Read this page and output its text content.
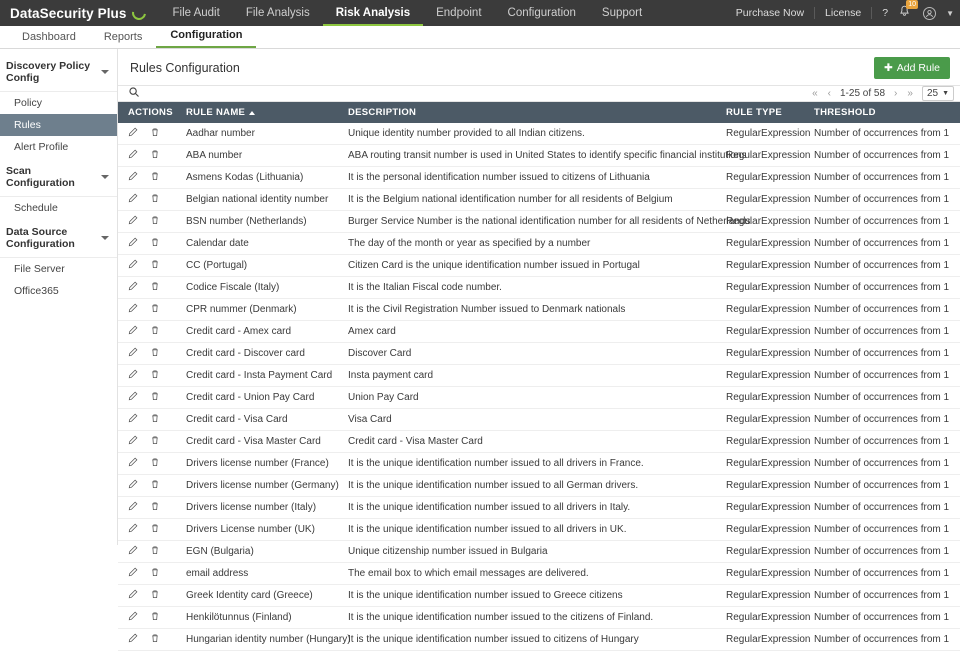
DataSecurity Plus	File Audit	File Analysis	Risk Analysis	Endpoint	Configuration	Support	Purchase Now License ?
10
▼
Dashboard	Reports	Configuration
Discovery Policy Config
Policy
Rules
Alert Profile
Scan Configuration
Schedule
Data Source Configuration
File Server
Office365
Rules Configuration	✚ Add Rule
« ‹ 1-25 of 58 › » 25 ▼
ACTIONS	RULE NAME	DESCRIPTION	RULE TYPE	THRESHOLD

	Aadhar number	Unique identity number provided to all Indian citizens.	RegularExpression	Number of occurrences from 1

	ABA number	ABA routing transit number is used in United States to identify specific financial institutions	RegularExpression	Number of occurrences from 1

	Asmens Kodas (Lithuania)	It is the personal identification number issued to citizens of Lithuania	RegularExpression	Number of occurrences from 1

	Belgian national identity number	It is the Belgium national identification number for all residents of Belgium	RegularExpression	Number of occurrences from 1

	BSN number (Netherlands)	Burger Service Number is the national identification number for all residents of Netherlands	RegularExpression	Number of occurrences from 1

	Calendar date	The day of the month or year as specified by a number	RegularExpression	Number of occurrences from 1

	CC (Portugal)	Citizen Card is the unique identification number issued in Portugal	RegularExpression	Number of occurrences from 1

	Codice Fiscale (Italy)	It is the Italian Fiscal code number.	RegularExpression	Number of occurrences from 1

	CPR nummer (Denmark)	It is the Civil Registration Number issued to Denmark nationals	RegularExpression	Number of occurrences from 1

	Credit card - Amex card	Amex card	RegularExpression	Number of occurrences from 1

	Credit card - Discover card	Discover Card	RegularExpression	Number of occurrences from 1

	Credit card - Insta Payment Card	Insta payment card	RegularExpression	Number of occurrences from 1

	Credit card - Union Pay Card	Union Pay Card	RegularExpression	Number of occurrences from 1

	Credit card - Visa Card	Visa Card	RegularExpression	Number of occurrences from 1

	Credit card - Visa Master Card	Credit card - Visa Master Card	RegularExpression	Number of occurrences from 1

	Drivers license number (France)	It is the unique identification number issued to all drivers in France.	RegularExpression	Number of occurrences from 1

	Drivers license number (Germany)	It is the unique identification number issued to all German drivers.	RegularExpression	Number of occurrences from 1

	Drivers license number (Italy)	It is the unique identification number issued to all drivers in Italy.	RegularExpression	Number of occurrences from 1

	Drivers License number (UK)	It is the unique identification number issued to all drivers in UK.	RegularExpression	Number of occurrences from 1

	EGN (Bulgaria)	Unique citizenship number issued in Bulgaria	RegularExpression	Number of occurrences from 1

	email address	The email box to which email messages are delivered.	RegularExpression	Number of occurrences from 1

	Greek Identity card (Greece)	It is the unique identification number issued to Greece citizens	RegularExpression	Number of occurrences from 1

	Henkilötunnus (Finland)	It is the unique identification number issued to the citizens of Finland.	RegularExpression	Number of occurrences from 1

	Hungarian identity number (Hungary)	It is the unique identification number issued to citizens of Hungary	RegularExpression	Number of occurrences from 1
